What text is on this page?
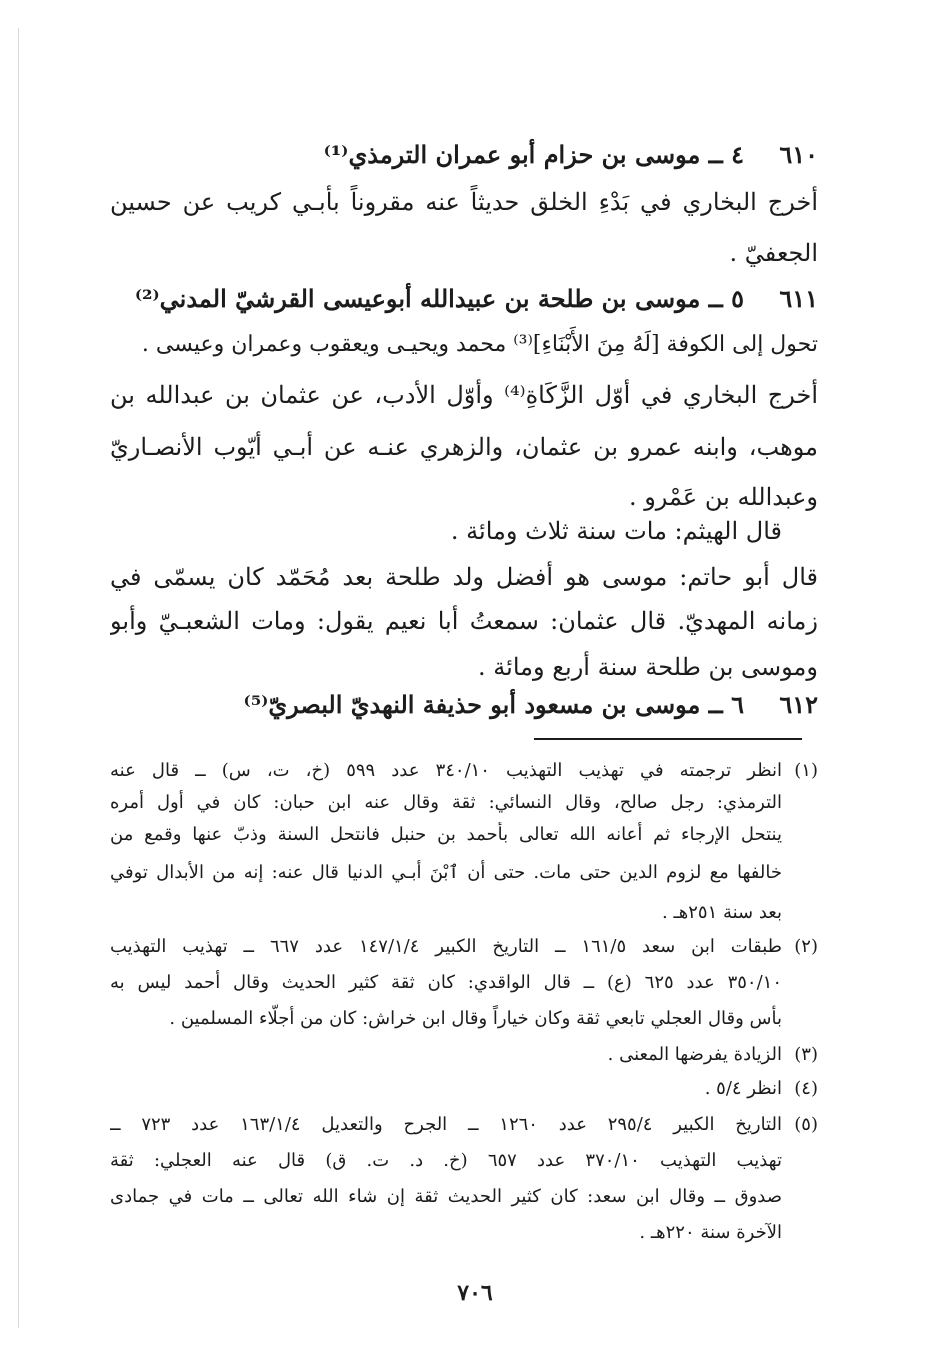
٦١٠٤ ــ موسى بن حزام أبو عمران الترمذي⁽¹⁾
أخرج البخاري في بَدْءِ الخلق حديثاً عنه مقروناً بأبـي كريب عن حسين
الجعفيّ .
٦١١٥ ــ موسى بن طلحة بن عبيدالله أبوعيسى القرشيّ المدني⁽²⁾
تحول إلى الكوفة [لَهُ مِنَ الأَبْنَاءِ]⁽³⁾ محمد ويحيـى ويعقوب وعمران وعيسى .
أخرج البخاري في أوّل الزَّكَاةِ⁽⁴⁾ وأوّل الأدب، عن عثمان بن عبدالله بن
موهب، وابنه عمرو بن عثمان، والزهري عنـه عن أبـي أيّوب الأنصـاريّ
وعبدالله بن عَمْرو .
قال الهيثم: مات سنة ثلاث ومائة .
قال أبو حاتم: موسى هو أفضل ولد طلحة بعد مُحَمّد كان يسمّى في
زمانه المهديّ. قال عثمان: سمعتُ أبا نعيم يقول: ومات الشعبـيّ وأبو
وموسى بن طلحة سنة أربع ومائة .
٦١٢٦ ــ موسى بن مسعود أبو حذيفة النهديّ البصريّ⁽⁵⁾
(١)انظر ترجمته في تهذيب التهذيب ٣٤٠/١٠ عدد ٥٩٩ (خ، ت، س) ــ قال عنه
الترمذي: رجل صالح، وقال النسائي: ثقة وقال عنه ابن حبان: كان في أول أمره
ينتحل الإرجاء ثم أعانه الله تعالى بأحمد بن حنبل فانتحل السنة وذبّ عنها وقمع من
خالفها مع لزوم الدين حتى مات. حتى أن ٱبْنَ أبـي الدنيا قال عنه: إنه من الأبدال توفي
بعد سنة ٢٥١هـ .
(٢)طبقات ابن سعد ١٦١/٥ ــ التاريخ الكبير ١٤٧/١/٤ عدد ٦٦٧ ــ تهذيب التهذيب
٣٥٠/١٠ عدد ٦٢٥ (ع) ــ قال الواقدي: كان ثقة كثير الحديث وقال أحمد ليس به
بأس وقال العجلي تابعي ثقة وكان خياراً وقال ابن خراش: كان من أجلّاء المسلمين .
(٣)الزيادة يفرضها المعنى .
(٤)انظر ٥/٤ .
(٥)التاريخ الكبير ٢٩٥/٤ عدد ١٢٦٠ ــ الجرح والتعديل ١٦٣/١/٤ عدد ٧٢٣ ــ
تهذيب التهذيب ٣٧٠/١٠ عدد ٦٥٧ (خ. د. ت. ق) قال عنه العجلي: ثقة
صدوق ــ وقال ابن سعد: كان كثير الحديث ثقة إن شاء الله تعالى ــ مات في جمادى
الآخرة سنة ٢٢٠هـ .
٧٠٦
